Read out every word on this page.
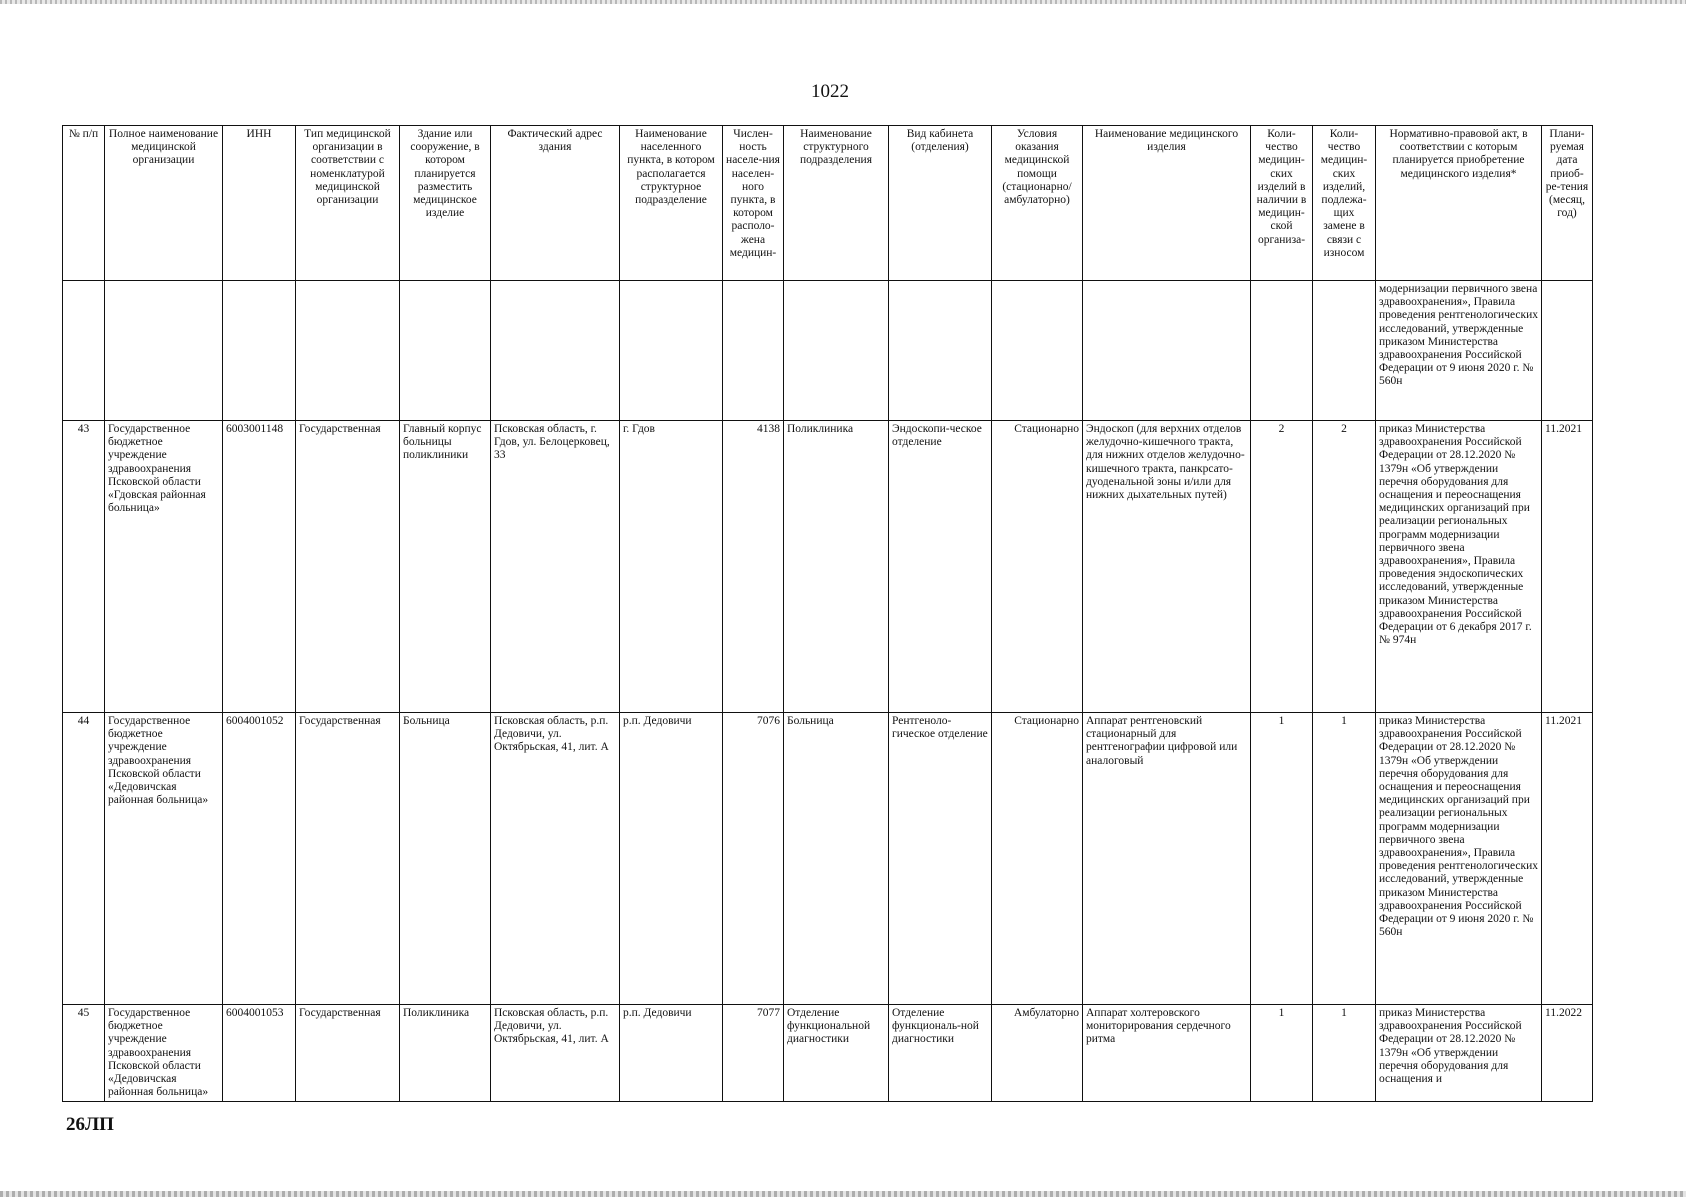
1022
№ п/п	Полное наименование медицинской организации	ИНН	Тип медицинской организации в соответствии с номенклатурой медицинской организации	Здание или сооружение, в котором планируется разместить медицинское изделие	Фактический адрес здания	Наименование населенного пункта, в котором располагается структурное подразделение	Числен-ность населе-ния населен-ного пункта, в котором располо-жена медицин-	Наименование структурного подразделения	Вид кабинета (отделения)	Условия оказания медицинской помощи (стационарно/ амбулаторно)	Наименование медицинского изделия	Коли-чество медицин-ских изделий в наличии в медицин-ской организа-	Коли-чество медицин-ских изделий, подлежа-щих замене в связи с износом	Нормативно-правовой акт, в соответствии с которым планируется приобретение медицинского изделия*	Плани-руемая дата приоб-ре-тения (месяц, год)
														модернизации первичного звена здравоохранения», Правила проведения рентгенологических исследований, утвержденные приказом Министерства здравоохранения Российской Федерации от 9 июня 2020 г. № 560н	
43	Государственное бюджетное учреждение здравоохранения Псковской области «Гдовская районная больница»	6003001148	Государственная	Главный корпус больницы поликлиники	Псковская область, г. Гдов, ул. Белоцерковец, 33	г. Гдов	4138	Поликлиника	Эндоскопи-ческое отделение	Стационарно	Эндоскоп (для верхних отделов желудочно-кишечного тракта, для нижних отделов желудочно-кишечного тракта, панкрсато-дуоденальной зоны и/или для нижних дыхательных путей)	2	2	приказ Министерства здравоохранения Российской Федерации от 28.12.2020 № 1379н «Об утверждении перечня оборудования для оснащения и переоснащения медицинских организаций при реализации региональных программ модернизации первичного звена здравоохранения», Правила проведения эндоскопических исследований, утвержденные приказом Министерства здравоохранения Российской Федерации от 6 декабря 2017 г. № 974н	11.2021
44	Государственное бюджетное учреждение здравоохранения Псковской области «Дедовичская районная больница»	6004001052	Государственная	Больница	Псковская область, р.п. Дедовичи, ул. Октябрьская, 41, лит. А	р.п. Дедовичи	7076	Больница	Рентгеноло-гическое отделение	Стационарно	Аппарат рентгеновский стационарный для рентгенографии цифровой или аналоговый	1	1	приказ Министерства здравоохранения Российской Федерации от 28.12.2020 № 1379н «Об утверждении перечня оборудования для оснащения и переоснащения медицинских организаций при реализации региональных программ модернизации первичного звена здравоохранения», Правила проведения рентгенологических исследований, утвержденные приказом Министерства здравоохранения Российской Федерации от 9 июня 2020 г. № 560н	11.2021
45	Государственное бюджетное учреждение здравоохранения Псковской области «Дедовичская районная больница»	6004001053	Государственная	Поликлиника	Псковская область, р.п. Дедовичи, ул. Октябрьская, 41, лит. А	р.п. Дедовичи	7077	Отделение функциональной диагностики	Отделение функциональ-ной диагностики	Амбулаторно	Аппарат холтеровского мониторирования сердечного ритма	1	1	приказ Министерства здравоохранения Российской Федерации от 28.12.2020 № 1379н «Об утверждении перечня оборудования для оснащения и	11.2022
26ЛП
